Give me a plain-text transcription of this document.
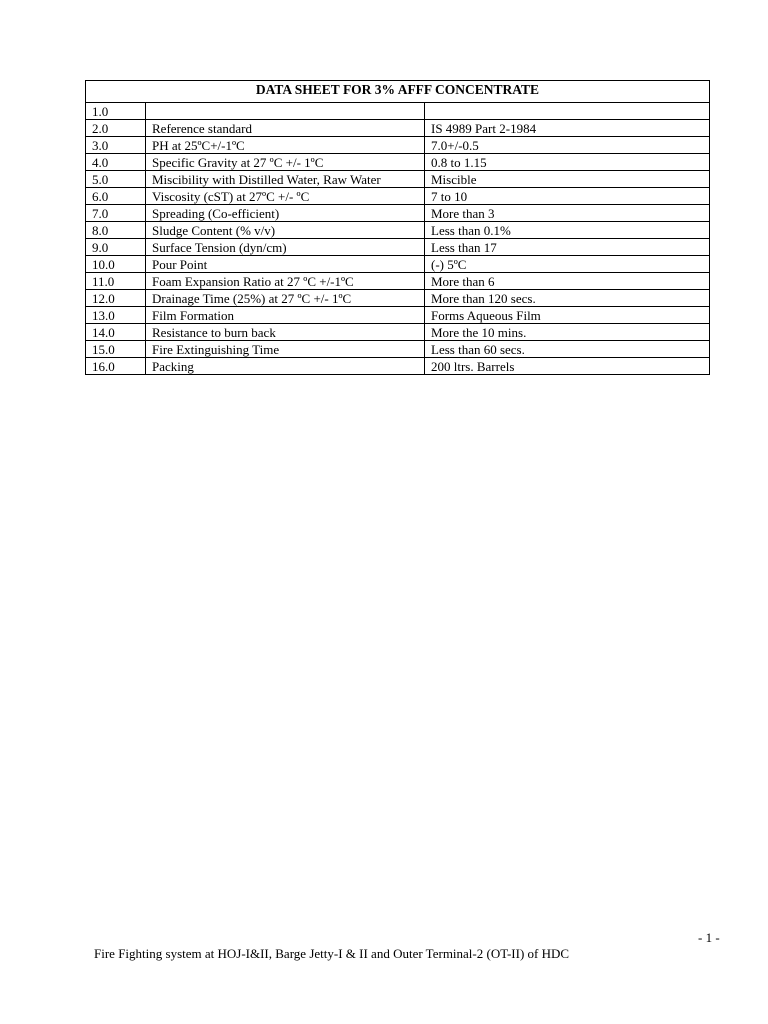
DATA SHEET FOR 3% AFFF CONCENTRATE		
1.0		
2.0	Reference standard	IS 4989 Part 2-1984
3.0	PH at 25ºC+/-1ºC	7.0+/-0.5
4.0	Specific Gravity at 27 ºC +/- 1ºC	0.8 to 1.15
5.0	Miscibility with Distilled Water, Raw Water	Miscible
6.0	Viscosity (cST) at 27ºC +/- ºC	7 to 10
7.0	Spreading (Co-efficient)	More than 3
8.0	Sludge Content (% v/v)	Less than 0.1%
9.0	Surface Tension (dyn/cm)	Less than 17
10.0	Pour Point	(-) 5ºC
11.0	Foam Expansion Ratio at 27 ºC +/-1ºC	More than 6
12.0	Drainage Time (25%) at 27 ºC +/- 1ºC	More than 120 secs.
13.0	Film Formation	Forms Aqueous Film
14.0	Resistance to burn back	More the 10 mins.
15.0	Fire Extinguishing Time	Less than 60 secs.
16.0	Packing	200 ltrs. Barrels
- 1 -
Fire Fighting system at HOJ-I&II, Barge Jetty-I & II and Outer Terminal-2 (OT-II) of HDC
